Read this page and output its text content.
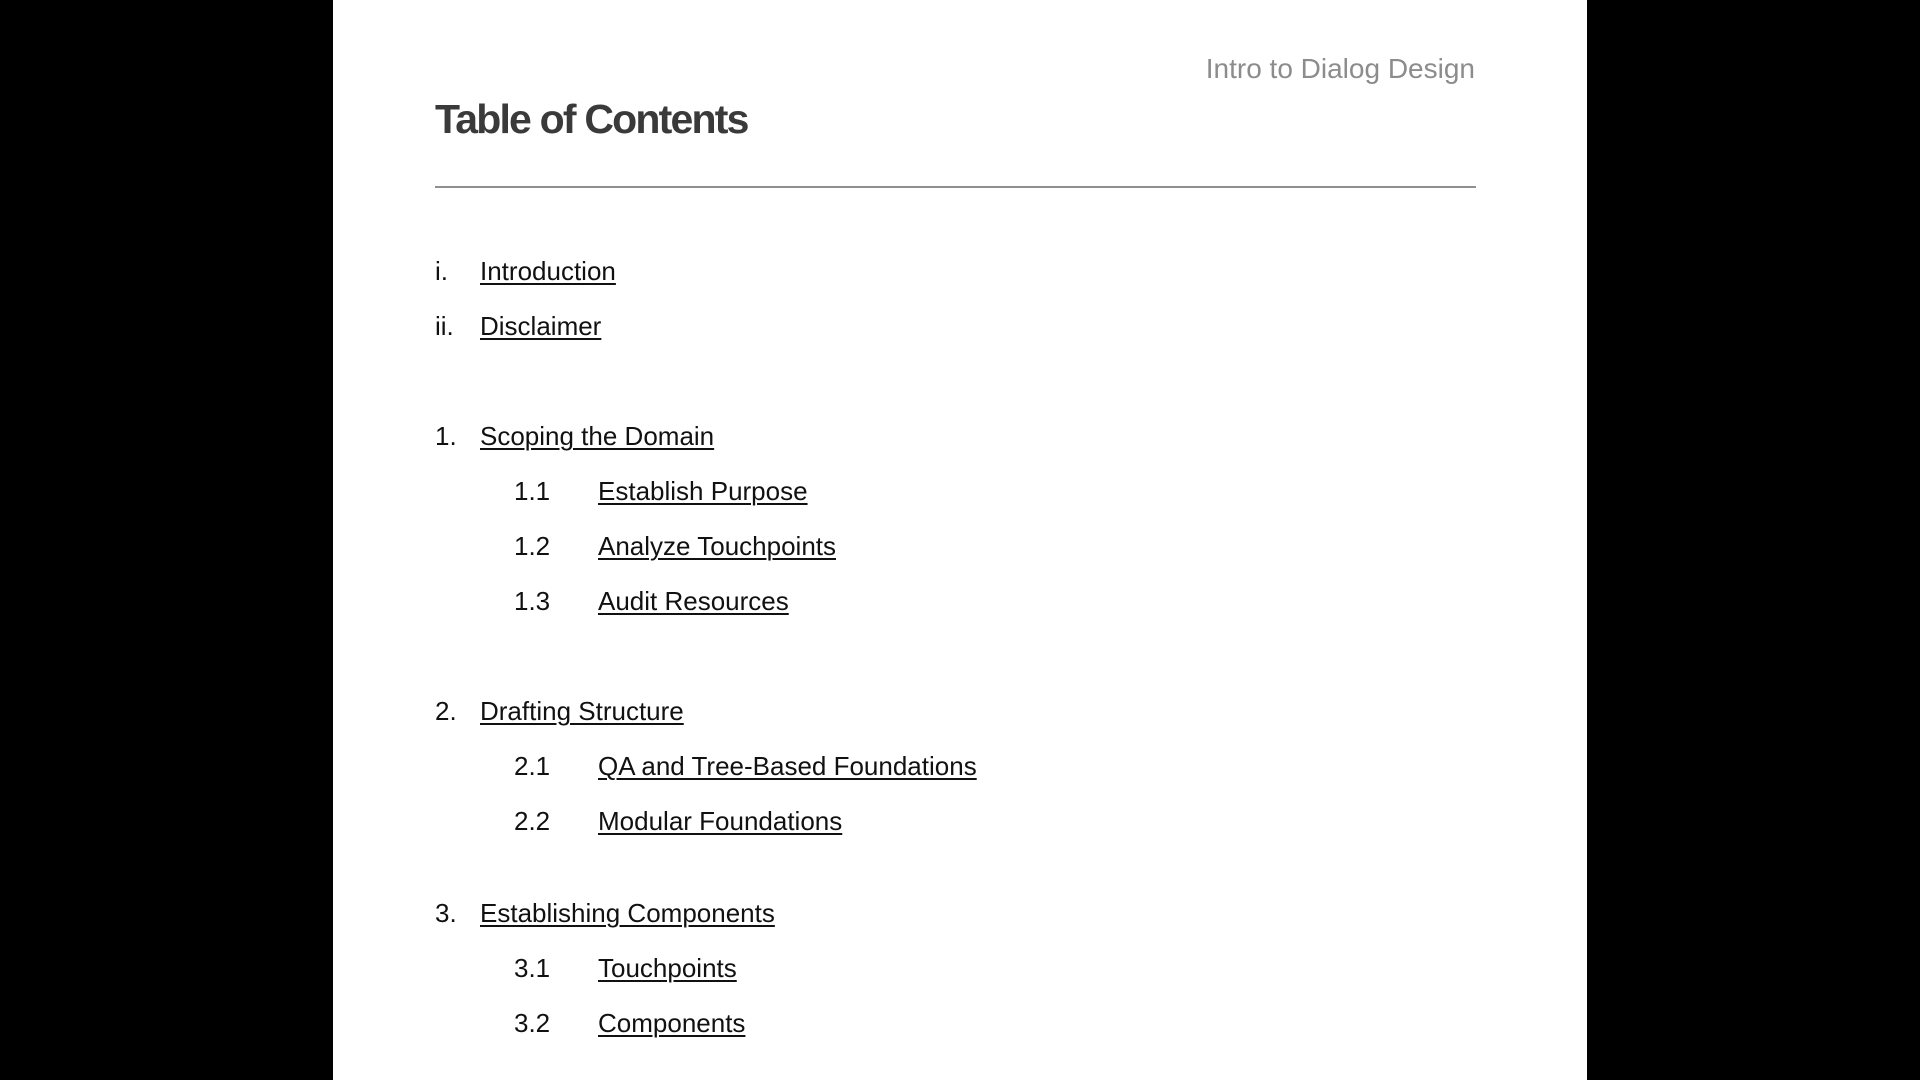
Intro to Dialog Design
Table of Contents
i. Introduction
ii. Disclaimer
1. Scoping the Domain
1.1 Establish Purpose
1.2 Analyze Touchpoints
1.3 Audit Resources
2. Drafting Structure
2.1 QA and Tree-Based Foundations
2.2 Modular Foundations
3. Establishing Components
3.1 Touchpoints
3.2 Components
